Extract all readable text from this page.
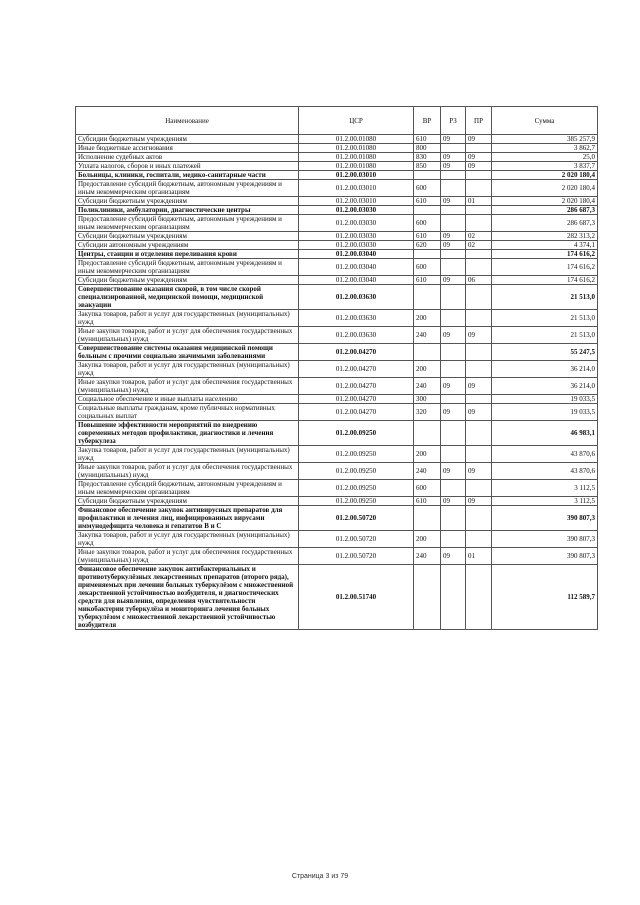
Наименование	ЦСР	ВР	РЗ	ПР	Сумма
Субсидии бюджетным учреждениям	01.2.00.01080	610	09	09	385 257,9
Иные бюджетные ассигнования	01.2.00.01080	800			3 862,7
Исполнение судебных актов	01.2.00.01080	830	09	09	25,0
Уплата налогов, сборов и иных платежей	01.2.00.01080	850	09	09	3 837,7
Больницы, клиники, госпитали, медико-санитарные части	01.2.00.03010				2 020 180,4
Предоставление субсидий бюджетным, автономным учреждениям и иным некоммерческим организациям	01.2.00.03010	600			2 020 180,4
Субсидии бюджетным учреждениям	01.2.00.03010	610	09	01	2 020 180,4
Поликлиники, амбулатории, диагностические центры	01.2.00.03030				286 687,3
Предоставление субсидий бюджетным, автономным учреждениям и иным некоммерческим организациям	01.2.00.03030	600			286 687,3
Субсидии бюджетным учреждениям	01.2.00.03030	610	09	02	282 313,2
Субсидии автономным учреждениям	01.2.00.03030	620	09	02	4 374,1
Центры, станции и отделения переливания крови	01.2.00.03040				174 616,2
Предоставление субсидий бюджетным, автономным учреждениям и иным некоммерческим организациям	01.2.00.03040	600			174 616,2
Субсидии бюджетным учреждениям	01.2.00.03040	610	09	06	174 616,2
Совершенствование оказания скорой, в том числе скорой специализированной, медицинской помощи, медицинской эвакуации	01.2.00.03630				21 513,0
Закупка товаров, работ и услуг для государственных (муниципальных) нужд	01.2.00.03630	200			21 513,0
Иные закупки товаров, работ и услуг для обеспечения государственных (муниципальных) нужд	01.2.00.03630	240	09	09	21 513,0
Совершенствование системы оказания медицинской помощи больным с прочими социально значимыми заболеваниями	01.2.00.04270				55 247,5
Закупка товаров, работ и услуг для государственных (муниципальных) нужд	01.2.00.04270	200			36 214,0
Иные закупки товаров, работ и услуг для обеспечения государственных (муниципальных) нужд	01.2.00.04270	240	09	09	36 214,0
Социальное обеспечение и иные выплаты населению	01.2.00.04270	300			19 033,5
Социальные выплаты гражданам, кроме публичных нормативных социальных выплат	01.2.00.04270	320	09	09	19 033,5
Повышение эффективности мероприятий по внедрению современных методов профилактики, диагностики и лечения туберкулеза	01.2.00.09250				46 983,1
Закупка товаров, работ и услуг для государственных (муниципальных) нужд	01.2.00.09250	200			43 870,6
Иные закупки товаров, работ и услуг для обеспечения государственных (муниципальных) нужд	01.2.00.09250	240	09	09	43 870,6
Предоставление субсидий бюджетным, автономным учреждениям и иным некоммерческим организациям	01.2.00.09250	600			3 112,5
Субсидии бюджетным учреждениям	01.2.00.09250	610	09	09	3 112,5
Финансовое обеспечение закупок антивирусных препаратов для профилактики и лечения лиц, инфицированных вирусами иммунодефицита человека и гепатитов В и С	01.2.00.50720				390 807,3
Закупка товаров, работ и услуг для государственных (муниципальных) нужд	01.2.00.50720	200			390 807,3
Иные закупки товаров, работ и услуг для обеспечения государственных (муниципальных) нужд	01.2.00.50720	240	09	01	390 807,3
Финансовое обеспечение закупок антибактериальных и противотуберкулёзных лекарственных препаратов (второго ряда), применяемых при лечении больных туберкулёзом с множественной лекарственной устойчивостью возбудителя, и диагностических средств для выявления, определения чувствительности микобактерии туберкулёза и мониторинга лечения больных туберкулёзом с множественной лекарственной устойчивостью возбудителя	01.2.00.51740				112 589,7
Страница 3 из 79
